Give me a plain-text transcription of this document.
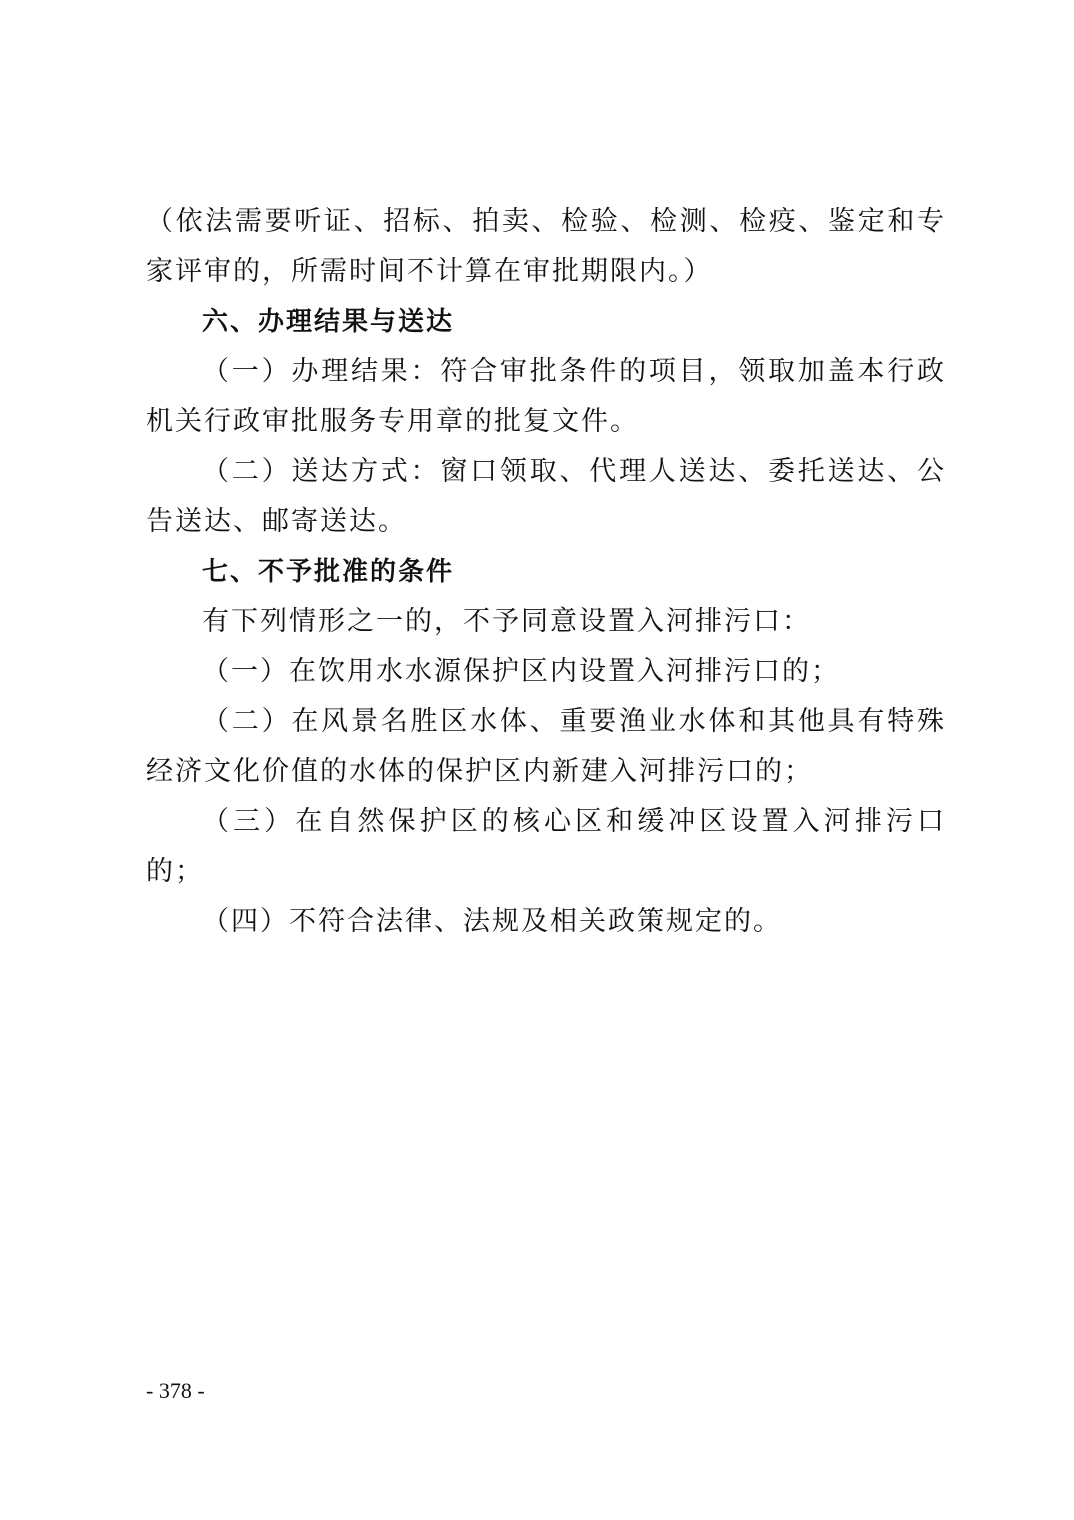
（依法需要听证、招标、拍卖、检验、检测、检疫、鉴定和专家评审的，所需时间不计算在审批期限内。）

六、办理结果与送达

（一）办理结果：符合审批条件的项目，领取加盖本行政机关行政审批服务专用章的批复文件。

（二）送达方式：窗口领取、代理人送达、委托送达、公告送达、邮寄送达。

七、不予批准的条件

有下列情形之一的，不予同意设置入河排污口：

（一）在饮用水水源保护区内设置入河排污口的；

（二）在风景名胜区水体、重要渔业水体和其他具有特殊经济文化价值的水体的保护区内新建入河排污口的；

（三）在自然保护区的核心区和缓冲区设置入河排污口的；

（四）不符合法律、法规及相关政策规定的。

- 378 -
